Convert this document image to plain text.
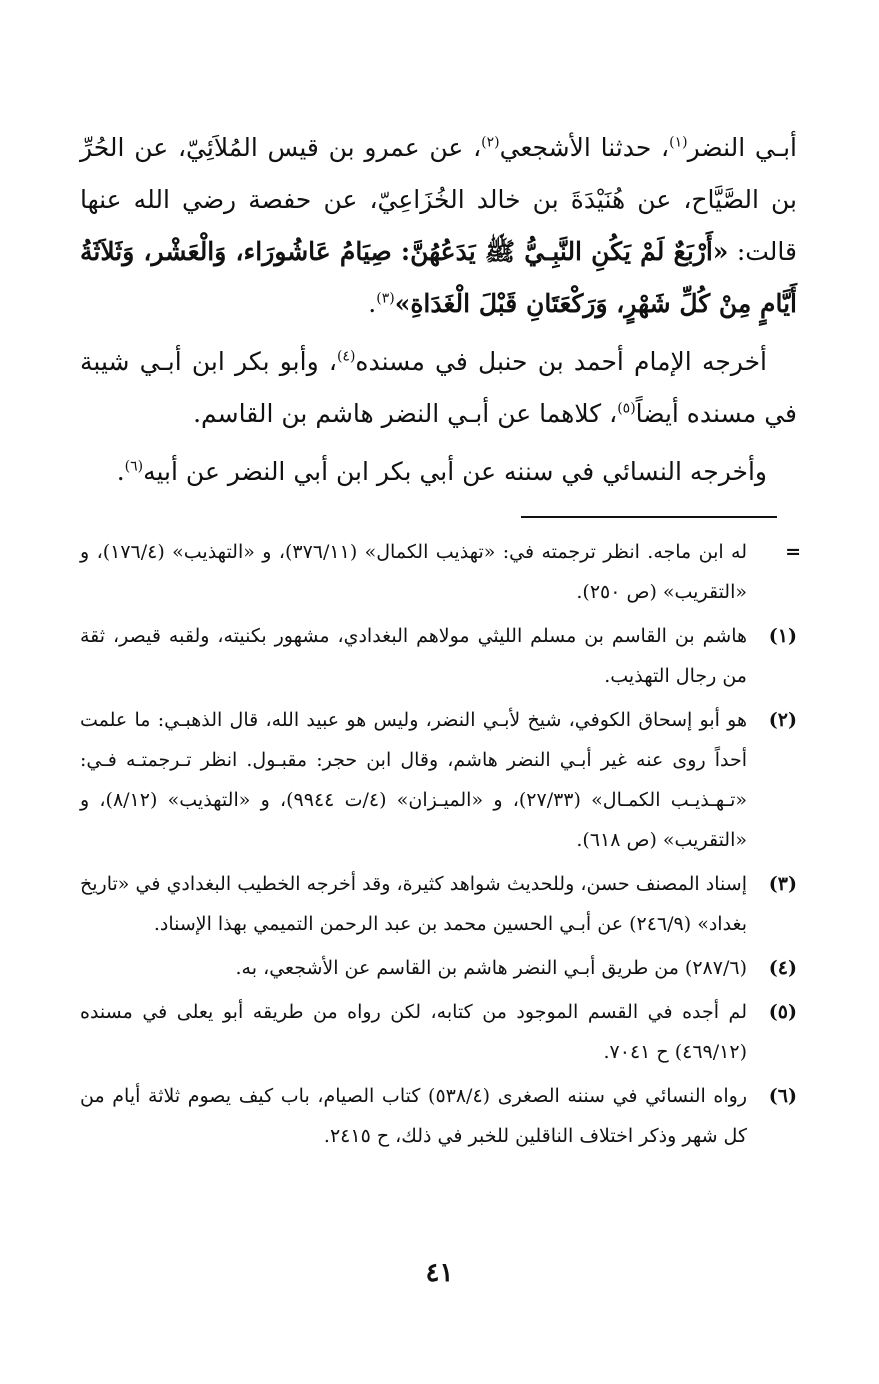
أبـي النضر$^{(١)}$، حدثنا الأشجعي$^{(٢)}$، عن عمرو بن قيس المُلاَئِيّ، عن الحُرِّ بن الصَّيَّاح، عن هُنَيْدَةَ بن خالد الخُزَاعِيّ، عن حفصة رضي الله عنها قالت: «أَرْبَعٌ لَمْ يَكُنِ النَّبِـيُّ ﷺ يَدَعُهُنَّ: صِيَامُ عَاشُورَاء، وَالْعَشْر، وَثَلاَثَةُ أَيَّامٍ مِنْ كُلِّ شَهْرٍ، وَرَكْعَتَانِ قَبْلَ الْغَدَاةِ»$^{(٣)}$.

أخرجه الإمام أحمد بن حنبل في مسنده$^{(٤)}$، وأبو بكر ابن أبـي شيبة في مسنده أيضاً$^{(٥)}$، كلاهما عن أبـي النضر هاشم بن القاسم.

وأخرجه النسائي في سننه عن أبي بكر ابن أبي النضر عن أبيه$^{(٦)}$.

=
له ابن ماجه. انظر ترجمته في: «تهذيب الكمال» (٣٧٦/١١)، و «التهذيب» (١٧٦/٤)، و «التقريب» (ص ٢٥٠).
(١)
هاشم بن القاسم بن مسلم الليثي مولاهم البغدادي، مشهور بكنيته، ولقبه قيصر، ثقة من رجال التهذيب.
(٢)
هو أبو إسحاق الكوفي، شيخ لأبـي النضر، وليس هو عبيد الله، قال الذهبـي: ما علمت أحداً روى عنه غير أبـي النضر هاشم، وقال ابن حجر: مقبـول. انظر تـرجمتـه فـي: «تـهـذيـب الكمـال» (٢٧/٣٣)، و «الميـزان» (٤/ت ٩٩٤٤)، و «التهذيب» (٨/١٢)، و «التقريب» (ص ٦١٨).
(٣)
إسناد المصنف حسن، وللحديث شواهد كثيرة، وقد أخرجه الخطيب البغدادي في «تاريخ بغداد» (٢٤٦/٩) عن أبـي الحسين محمد بن عبد الرحمن التميمي بهذا الإسناد.
(٤)
(٢٨٧/٦) من طريق أبـي النضر هاشم بن القاسم عن الأشجعي، به.
(٥)
لم أجده في القسم الموجود من كتابه، لكن رواه من طريقه أبو يعلى في مسنده (٤٦٩/١٢) ح ٧٠٤١.
(٦)
رواه النسائي في سننه الصغرى (٥٣٨/٤) كتاب الصيام، باب كيف يصوم ثلاثة أيام من كل شهر وذكر اختلاف الناقلين للخبر في ذلك، ح ٢٤١٥.
٤١
